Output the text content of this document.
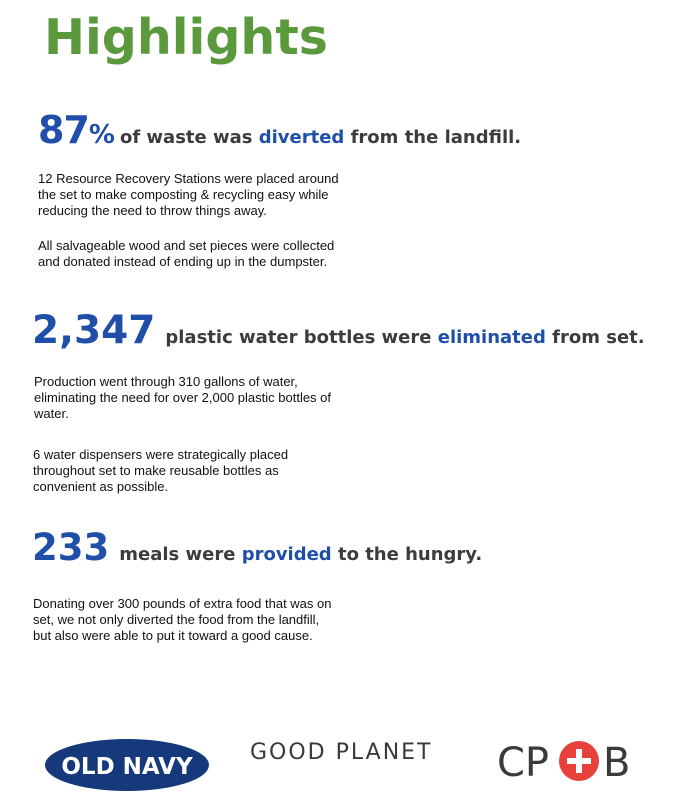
Highlights
87% of waste was diverted from the landfill.

12 Resource Recovery Stations were placed around
the set to make composting & recycling easy while
reducing the need to throw things away.

All salvageable wood and set pieces were collected
and donated instead of ending up in the dumpster.

2,347 plastic water bottles were eliminated from set.

Production went through 310 gallons of water,
eliminating the need for over 2,000 plastic bottles of
water.

6 water dispensers were strategically placed
throughout set to make reusable bottles as
convenient as possible.

233 meals were provided to the hungry.

Donating over 300 pounds of extra food that was on
set, we not only diverted the food from the landfill,
but also were able to put it toward a good cause.

OLD NAVY
GOOD PLANET CP B
